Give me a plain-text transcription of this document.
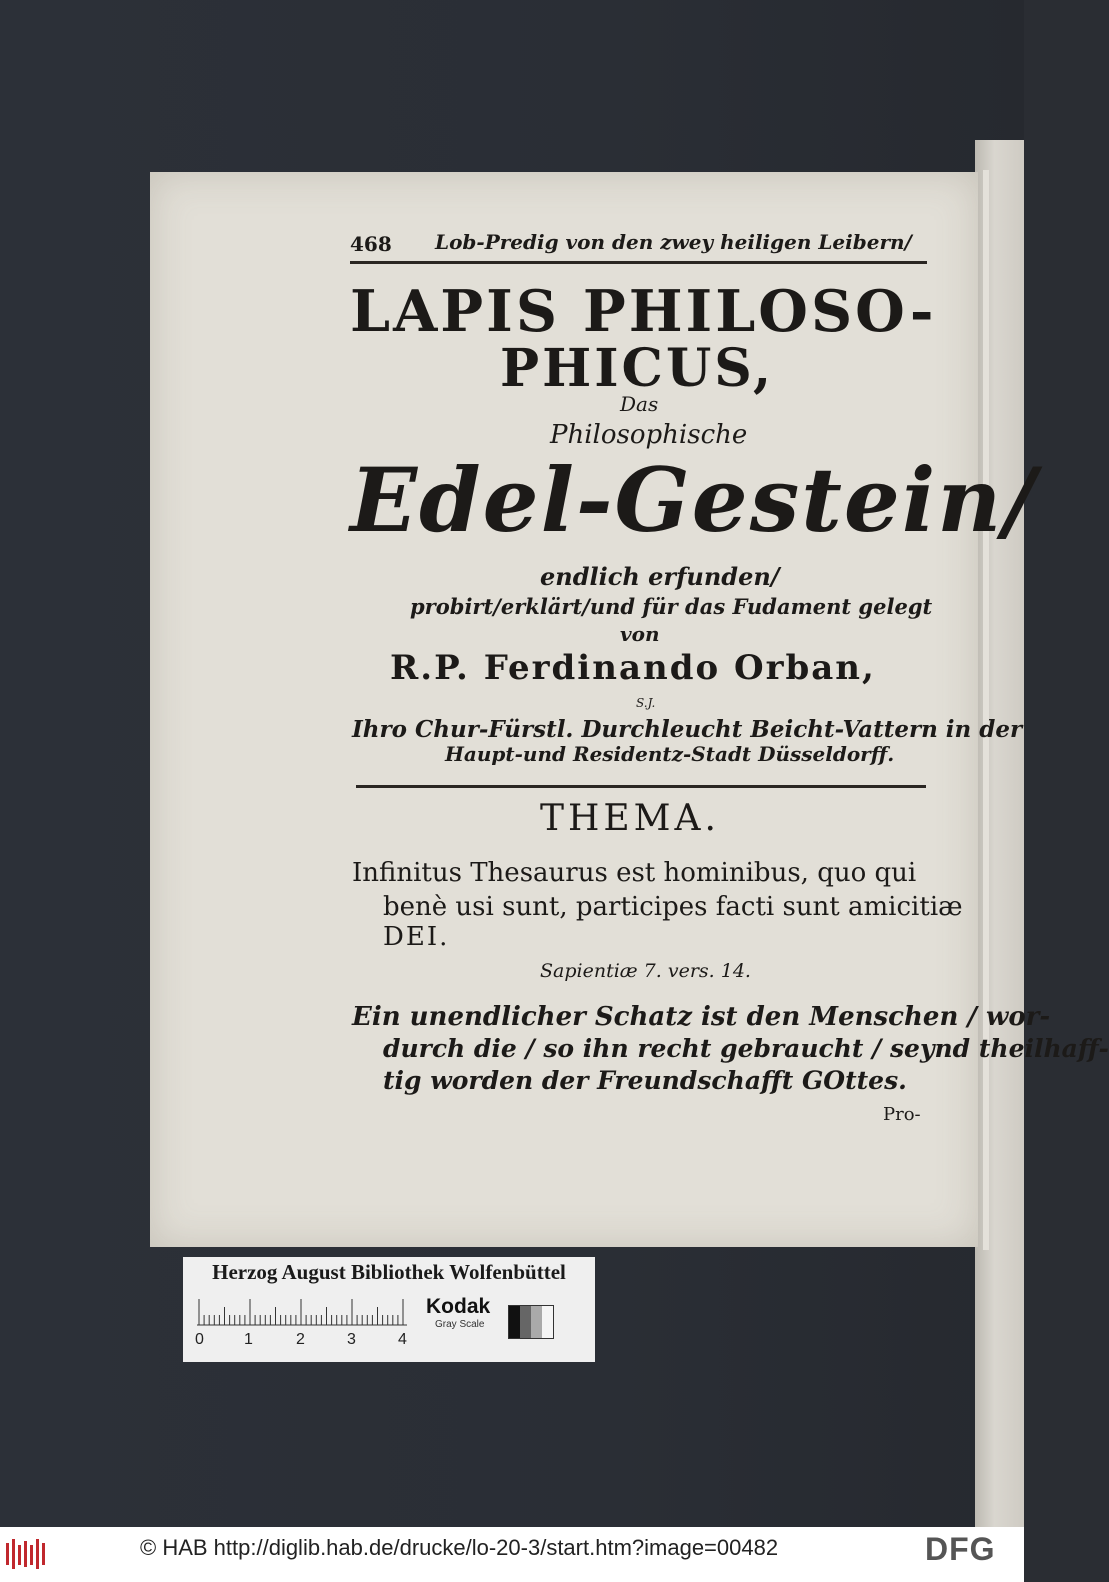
468 Lob-Predig von den zwey heiligen Leibern/
LAPIS PHILOSO-
PHICUS,
Das
Philosophische
Edel-Gestein/
endlich erfunden/
probirt/erklärt/und für das Fudament gelegt
von
R.P. Ferdinando Orban,
S.J.
Ihro Chur-Fürstl. Durchleucht Beicht-Vattern in der
Haupt-und Residentz-Stadt Düsseldorff.
THEMA.
Infinitus Thesaurus est hominibus, quo qui
benè usi sunt, participes facti sunt amicitiæ
DEI.
Sapientiæ 7. vers. 14.
Ein unendlicher Schatz ist den Menschen / wor-
durch die / so ihn recht gebraucht / seynd theilhaff-
tig worden der Freundschafft GOttes.
Pro-
Herzog August Bibliothek Wolfenbüttel
0	1	2	3	4
Kodak
Gray Scale
© HAB http://diglib.hab.de/drucke/lo-20-3/start.htm?image=00482	DFG
